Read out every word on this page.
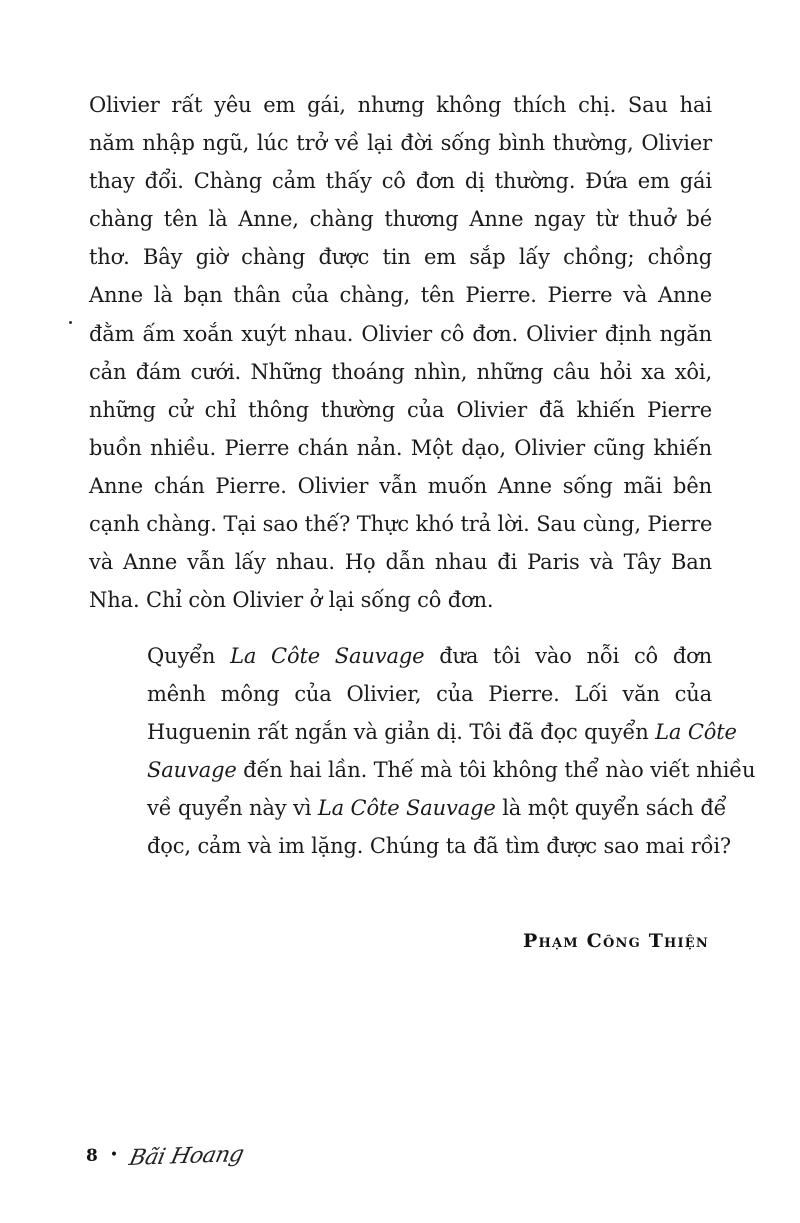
Olivier rất yêu em gái, nhưng không thích chị. Sau hai
năm nhập ngũ, lúc trở về lại đời sống bình thường, Olivier
thay đổi. Chàng cảm thấy cô đơn dị thường. Đứa em gái
chàng tên là Anne, chàng thương Anne ngay từ thuở bé
thơ. Bây giờ chàng được tin em sắp lấy chồng; chồng
Anne là bạn thân của chàng, tên Pierre. Pierre và Anne
đằm ấm xoắn xuýt nhau. Olivier cô đơn. Olivier định ngăn
cản đám cưới. Những thoáng nhìn, những câu hỏi xa xôi,
những cử chỉ thông thường của Olivier đã khiến Pierre
buồn nhiều. Pierre chán nản. Một dạo, Olivier cũng khiến
Anne chán Pierre. Olivier vẫn muốn Anne sống mãi bên
cạnh chàng. Tại sao thế? Thực khó trả lời. Sau cùng, Pierre
và Anne vẫn lấy nhau. Họ dẫn nhau đi Paris và Tây Ban
Nha. Chỉ còn Olivier ở lại sống cô đơn.

Quyển La Côte Sauvage đưa tôi vào nỗi cô đơn
mênh mông của Olivier, của Pierre. Lối văn của
Huguenin rất ngắn và giản dị. Tôi đã đọc quyển La Côte
Sauvage đến hai lần. Thế mà tôi không thể nào viết nhiều
về quyển này vì La Côte Sauvage là một quyển sách để
đọc, cảm và im lặng. Chúng ta đã tìm được sao mai rồi?

Phạm Công Thiện
8 • Bãi Hoang
